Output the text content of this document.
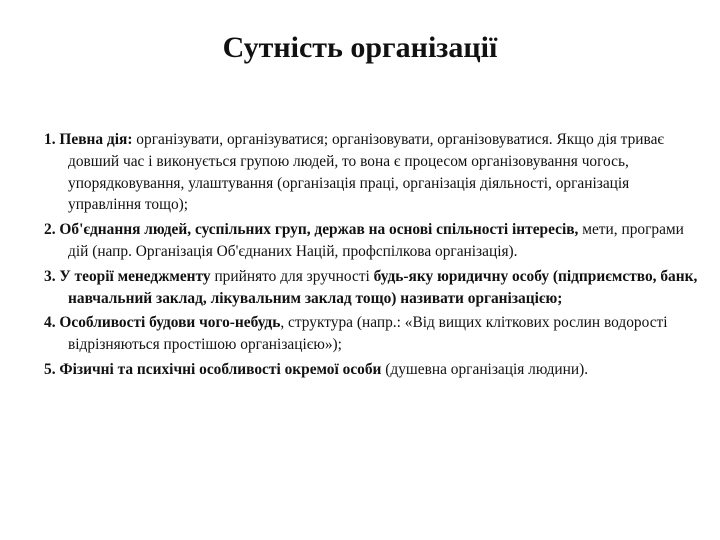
Сутність організації

1. Певна дія: організувати, організуватися; організовувати, організовуватися. Якщо дія триває довший час і виконується групою людей, то вона є процесом організовування чогось, упорядковування, улаштування (організація праці, організація діяльності, організація управління тощо);

2. Об'єднання людей, суспільних груп, держав на основі спільності інтересів, мети, програми дій (напр. Організація Об'єднаних Націй, профспілкова організація).

3. У теорії менеджменту прийнято для зручності будь-яку юридичну особу (підприємство, банк, навчальний заклад, лікувальним заклад тощо) називати організацією;

4. Особливості будови чого-небудь, структура (напр.: «Від вищих кліткових рослин водорості відрізняються простішою організацією»);

5. Фізичні та психічні особливості окремої особи (душевна організація людини).
